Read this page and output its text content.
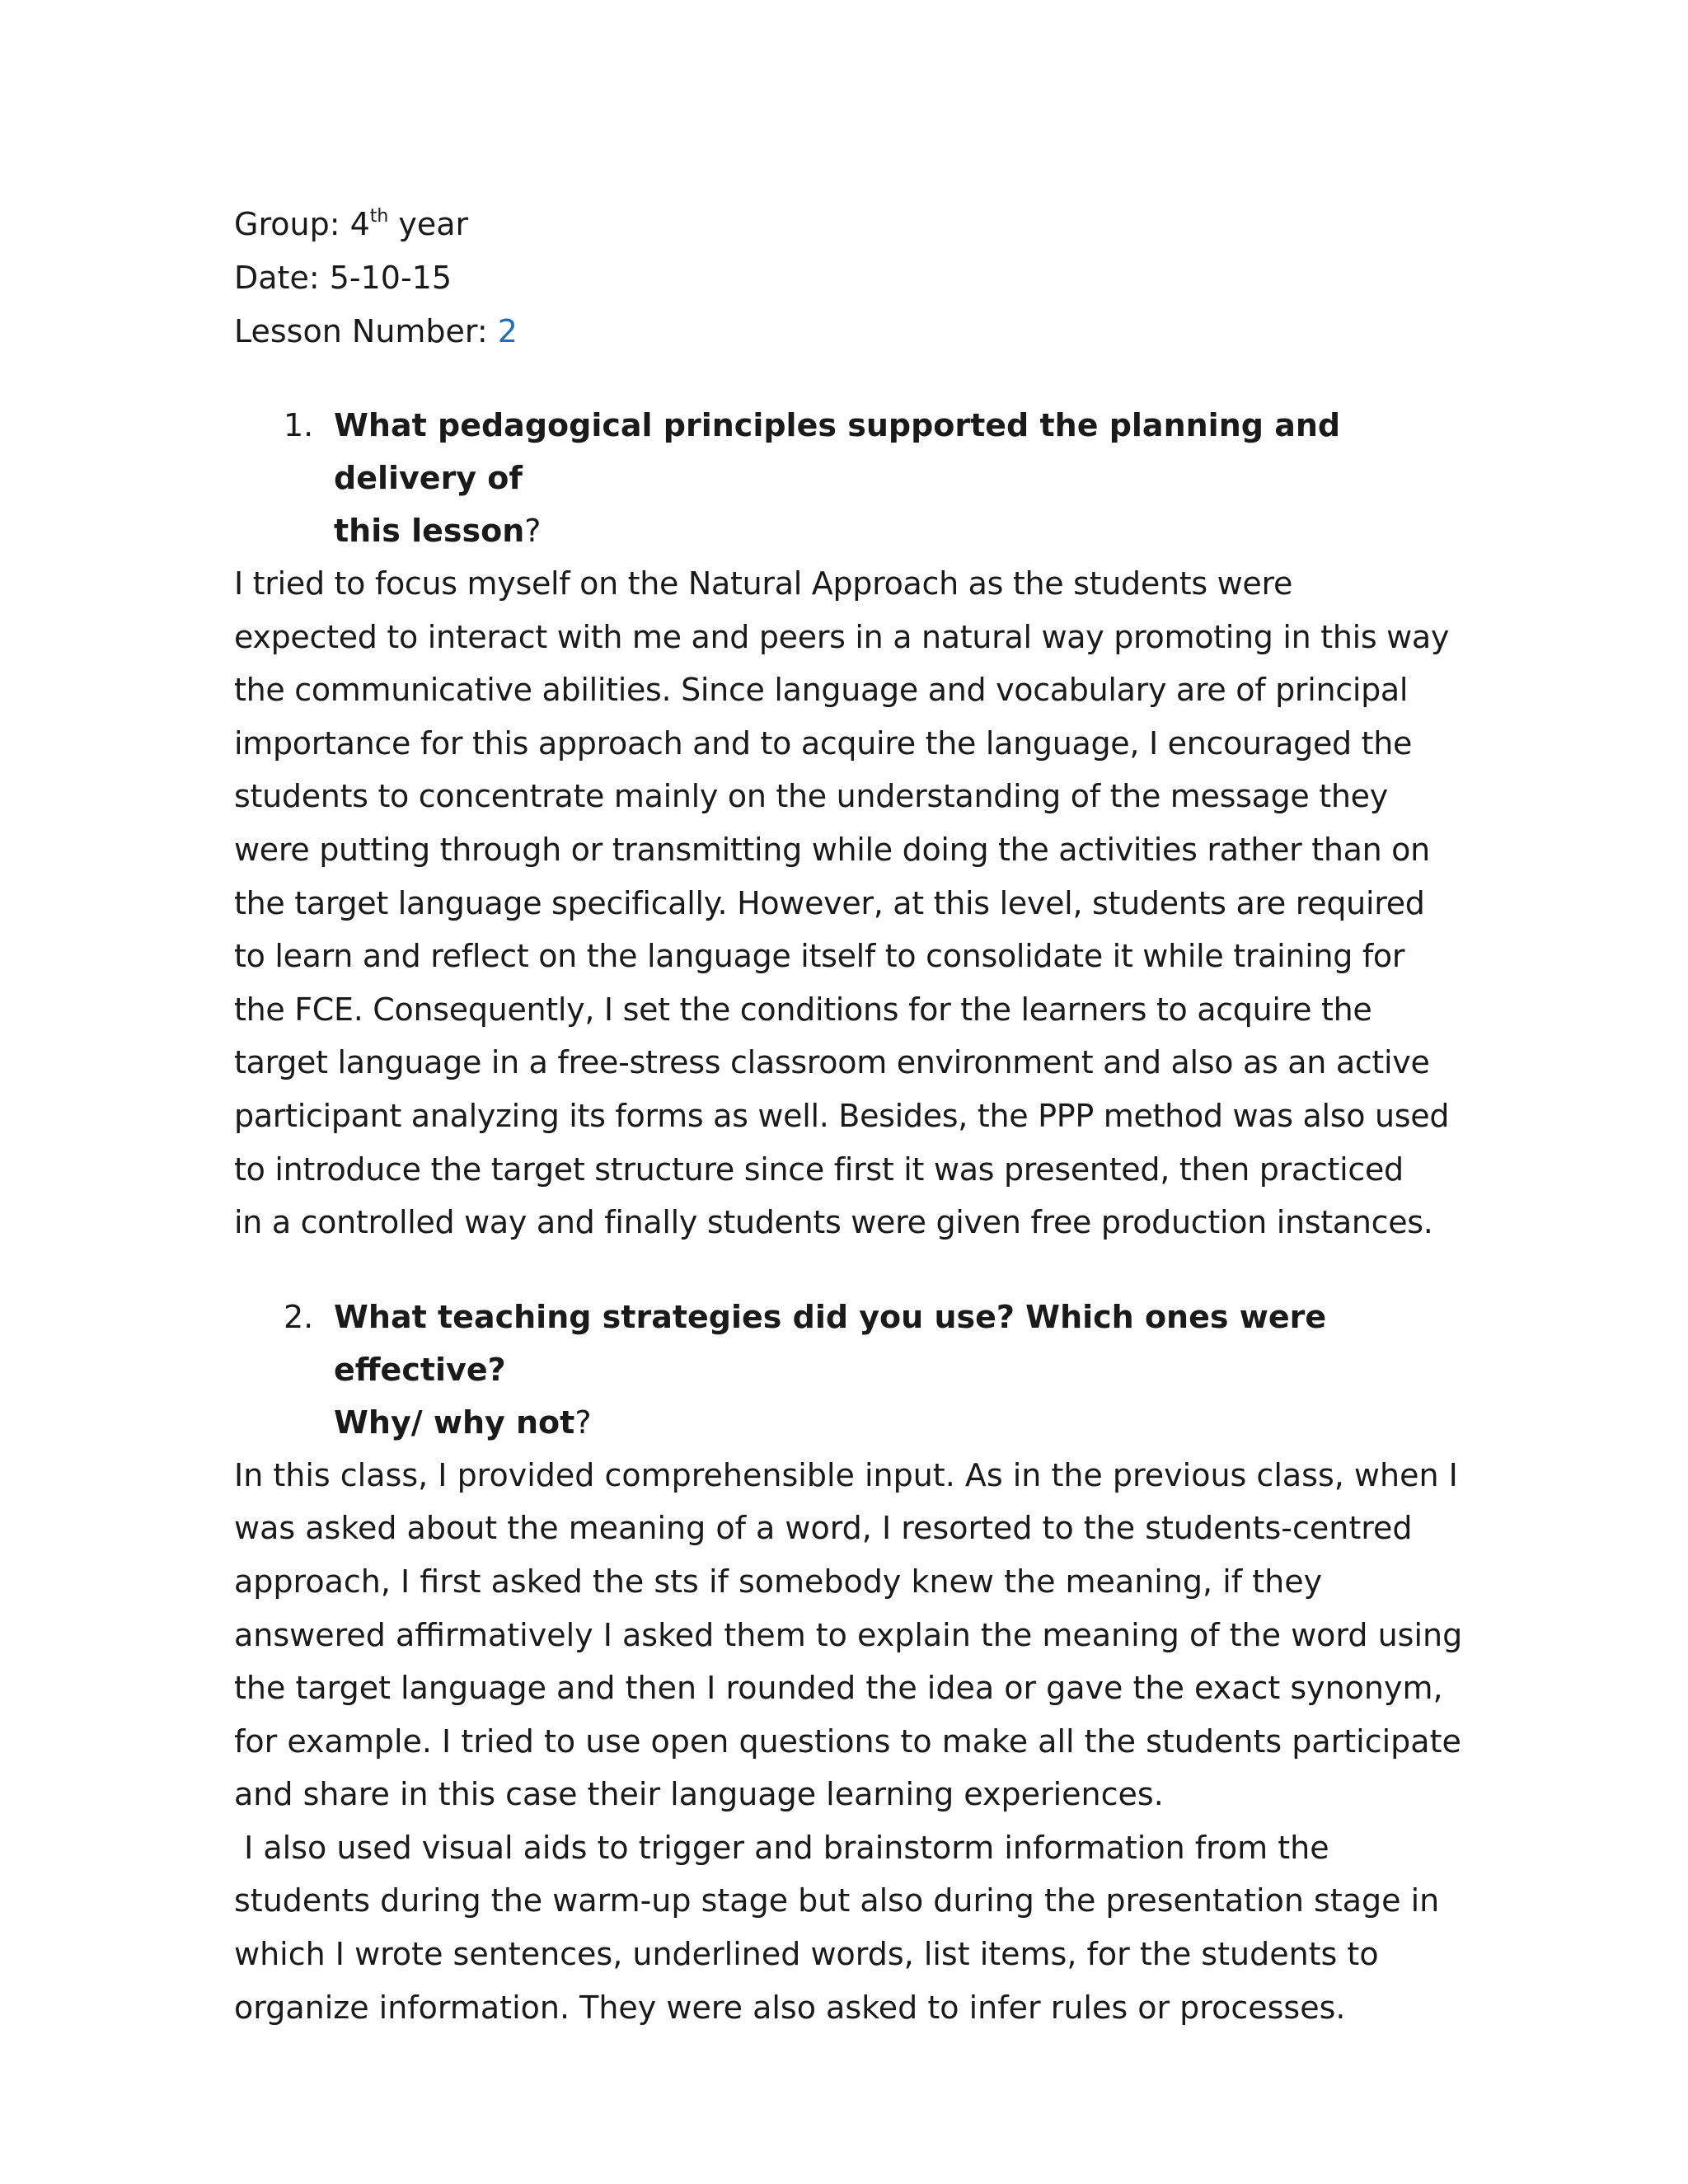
Group: 4th year
Date: 5-10-15
Lesson Number: 2
1. What pedagogical principles supported the planning and delivery of
this lesson?

I tried to focus myself on the Natural Approach as the students were

expected to interact with me and peers in a natural way promoting in this way

the communicative abilities. Since language and vocabulary are of principal

importance for this approach and to acquire the language, I encouraged the

students to concentrate mainly on the understanding of the message they

were putting through or transmitting while doing the activities rather than on

the target language specifically. However, at this level, students are required

to learn and reflect on the language itself to consolidate it while training for

the FCE. Consequently, I set the conditions for the learners to acquire the

target language in a free-stress classroom environment and also as an active

participant analyzing its forms as well. Besides, the PPP method was also used

to introduce the target structure since first it was presented, then practiced

in a controlled way and finally students were given free production instances.

2. What teaching strategies did you use? Which ones were effective?
Why/ why not?

In this class, I provided comprehensible input. As in the previous class, when I

was asked about the meaning of a word, I resorted to the students-centred

approach, I first asked the sts if somebody knew the meaning, if they

answered affirmatively I asked them to explain the meaning of the word using

the target language and then I rounded the idea or gave the exact synonym,

for example. I tried to use open questions to make all the students participate

and share in this case their language learning experiences.

I also used visual aids to trigger and brainstorm information from the

students during the warm-up stage but also during the presentation stage in

which I wrote sentences, underlined words, list items, for the students to

organize information. They were also asked to infer rules or processes.
